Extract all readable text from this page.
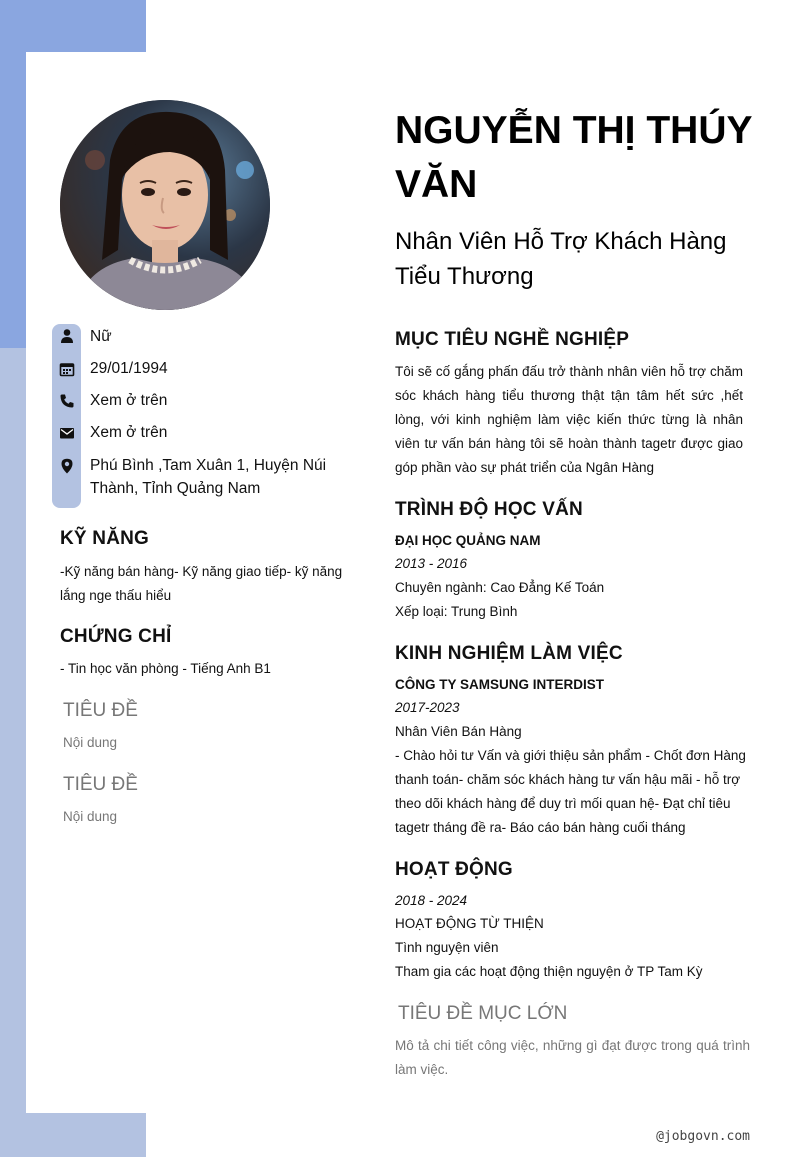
Nữ
29/01/1994
Xem ở trên
Xem ở trên
Phú Bình ,Tam Xuân 1, Huyện Núi Thành, Tỉnh Quảng Nam
KỸ NĂNG
-Kỹ năng bán hàng- Kỹ năng giao tiếp- kỹ năng lắng nge thấu hiểu
CHỨNG CHỈ
- Tin học văn phòng - Tiếng Anh B1
TIÊU ĐỀ
Nội dung
TIÊU ĐỀ
Nội dung
NGUYỄN THỊ THÚY VĂN
Nhân Viên Hỗ Trợ Khách Hàng Tiểu Thương
MỤC TIÊU NGHỀ NGHIỆP
Tôi sẽ cố gắng phấn đấu trở thành nhân viên hỗ trợ chăm sóc khách hàng tiểu thương thật tận tâm hết sức ,hết lòng, với kinh nghiệm làm việc kiến thức từng là nhân viên tư vấn bán hàng tôi sẽ hoàn thành tagetr được giao góp phần vào sự phát triển của Ngân Hàng
TRÌNH ĐỘ HỌC VẤN
ĐẠI HỌC QUẢNG NAM
2013 - 2016
Chuyên ngành: Cao Đẳng Kế Toán
Xếp loại: Trung Bình
KINH NGHIỆM LÀM VIỆC
CÔNG TY SAMSUNG INTERDIST
2017-2023
Nhân Viên Bán Hàng
- Chào hỏi tư Vấn và giới thiệu sản phẩm - Chốt đơn Hàng thanh toán- chăm sóc khách hàng tư vấn hậu mãi - hỗ trợ theo dõi khách hàng để duy trì mối quan hệ- Đạt chỉ tiêu tagetr tháng đề ra- Báo cáo bán hàng cuối tháng
HOẠT ĐỘNG
2018 - 2024
HOẠT ĐỘNG TỪ THIỆN
Tình nguyện viên
Tham gia các hoạt động thiện nguyện ở TP Tam Kỳ
TIÊU ĐỀ MỤC LỚN
Mô tả chi tiết công việc, những gì đạt được trong quá trình làm việc.
@jobgovn.com
